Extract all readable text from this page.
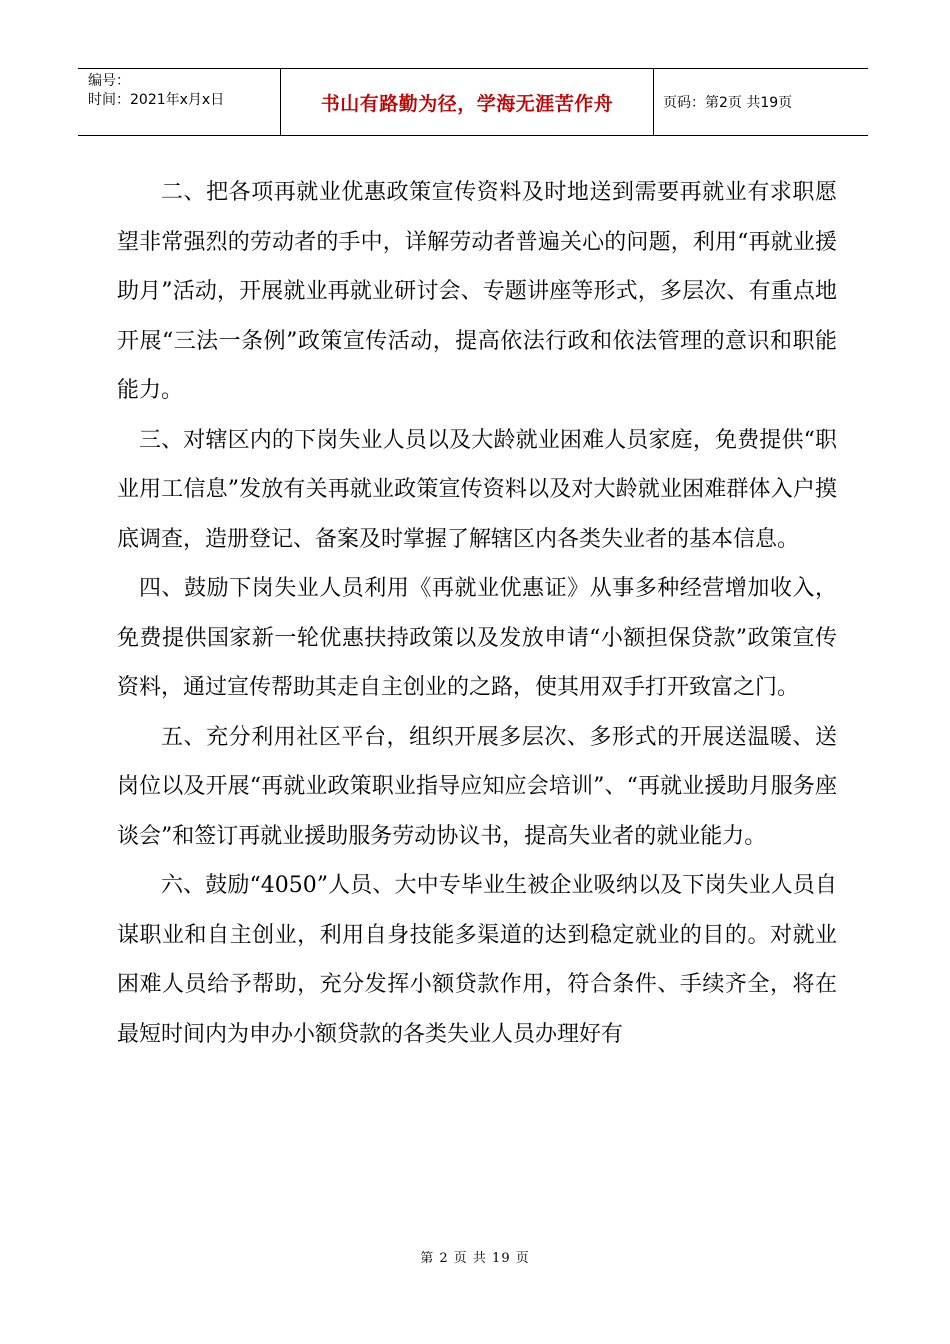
编号：
时间：2021年x月x日	书山有路勤为径，学海无涯苦作舟	页码：第2页 共19页

二、把各项再就业优惠政策宣传资料及时地送到需要再就业有求职愿望非常强烈的劳动者的手中，详解劳动者普遍关心的问题，利用“再就业援助月”活动，开展就业再就业研讨会、专题讲座等形式，多层次、有重点地开展“三法一条例”政策宣传活动，提高依法行政和依法管理的意识和职能能力。

三、对辖区内的下岗失业人员以及大龄就业困难人员家庭，免费提供“职业用工信息”发放有关再就业政策宣传资料以及对大龄就业困难群体入户摸底调查，造册登记、备案及时掌握了解辖区内各类失业者的基本信息。

四、鼓励下岗失业人员利用《再就业优惠证》从事多种经营增加收入，免费提供国家新一轮优惠扶持政策以及发放申请“小额担保贷款”政策宣传资料，通过宣传帮助其走自主创业的之路，使其用双手打开致富之门。

五、充分利用社区平台，组织开展多层次、多形式的开展送温暖、送岗位以及开展“再就业政策职业指导应知应会培训”、“再就业援助月服务座谈会”和签订再就业援助服务劳动协议书，提高失业者的就业能力。

六、鼓励“4050”人员、大中专毕业生被企业吸纳以及下岗失业人员自谋职业和自主创业，利用自身技能多渠道的达到稳定就业的目的。对就业困难人员给予帮助，充分发挥小额贷款作用，符合条件、手续齐全，将在最短时间内为申办小额贷款的各类失业人员办理好有

第 2 页 共 19 页
